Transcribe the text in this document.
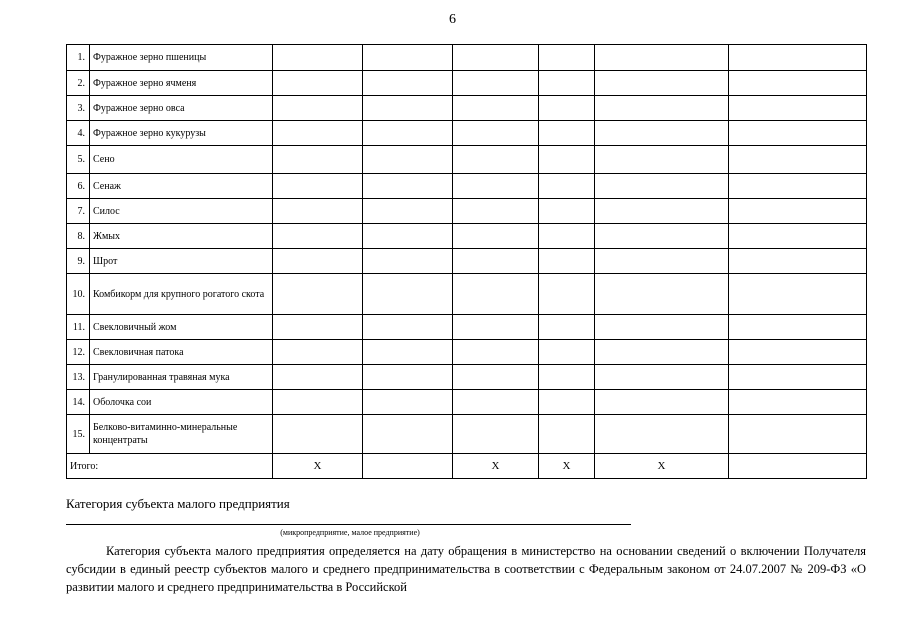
6
1.	Фуражное зерно пшеницы						
2.	Фуражное зерно ячменя						
3.	Фуражное зерно овса						
4.	Фуражное зерно кукурузы						
5.	Сено						
6.	Сенаж						
7.	Силос						
8.	Жмых						
9.	Шрот						
10.	Комбикорм для крупного рогатого скота						
11.	Свекловичный жом						
12.	Свекловичная патока						
13.	Гранулированная травяная мука						
14.	Оболочка сои						
15.	Белково-витаминно-минеральные концентраты						
Итого:		X		X	X	X	
Категория субъекта малого предприятия
(микропредприятие, малое предприятие)
Категория субъекта малого предприятия определяется на дату обращения в министерство на основании сведений о включении Получателя субсидии в единый реестр субъектов малого и среднего предпринимательства в соответствии с Федеральным законом от 24.07.2007 № 209-ФЗ «О развитии малого и среднего предпринимательства в Российской
